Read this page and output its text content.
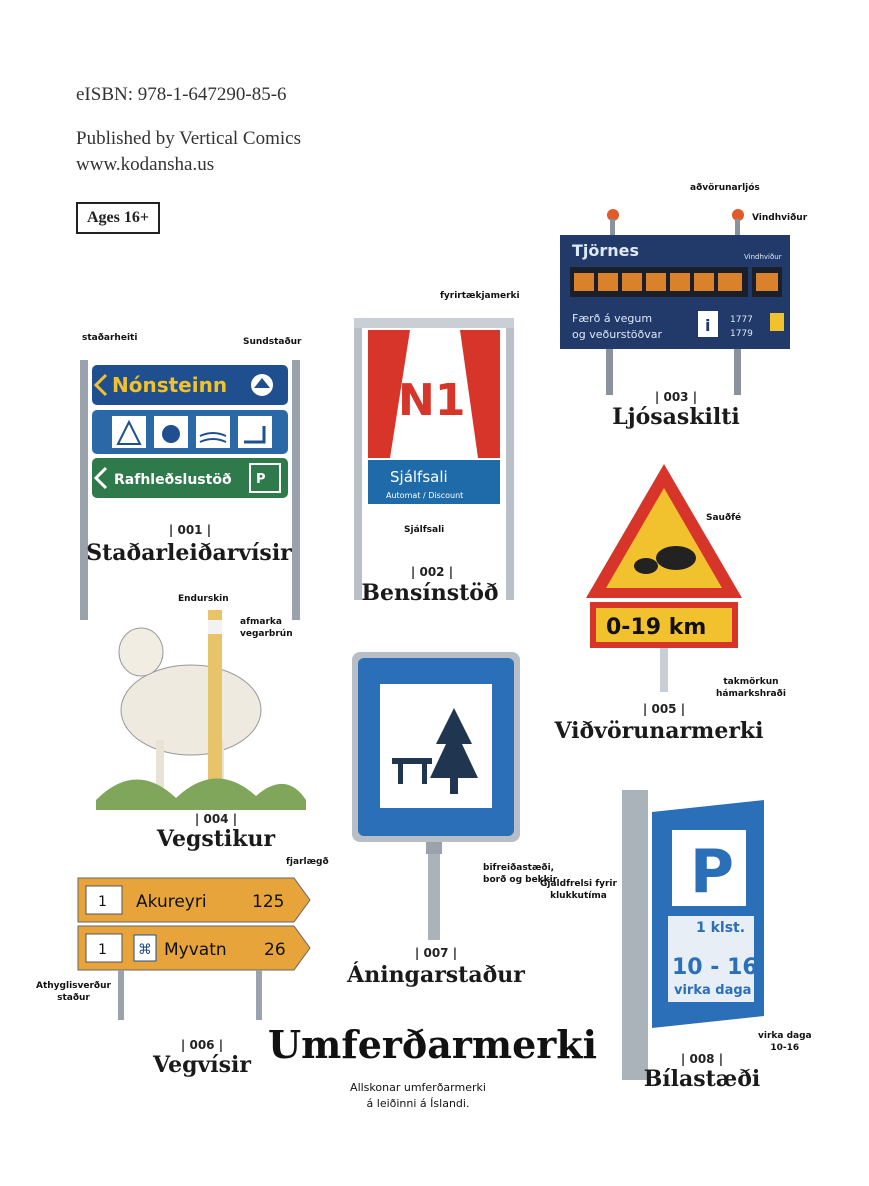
eISBN: 978-1-647290-85-6
Published by Vertical Comics
www.kodansha.us
Ages 16+
Nónsteinn
Rafhleðslustöð P
staðarheiti	Sundstaður
| 001 |
Staðarleiðarvísir
N1
Sjálfsali
Automat / Discount
fyrirtækjamerki
Sjálfsali
| 002 |
Bensínstöð
Tjörnes	Vindhviður
Færð á vegum
og veðurstöðvar	i 1777
1779
aðvörunarljós
Vindhviður
| 003 |
Ljósaskilti
0-19 km
Sauðfé
takmörkun
hámarkshraði
| 005 |
Viðvörunarmerki
Endurskin
afmarka
vegarbrún
| 004 |
Vegstikur
bifreiðastæði,
borð og bekkir
| 007 |
Áningarstaður
1 Akureyri	125
1 ⌘ Myvatn 26
fjarlægð
Athyglisverður
staður
| 006 |
Vegvísir
P
1 klst.
10 - 16
virka daga
Gjaldfrelsi fyrir
klukkutíma
virka daga
10-16
| 008 |
Bílastæði
Umferðarmerki
Allskonar umferðarmerki
á leiðinni á Íslandi.
